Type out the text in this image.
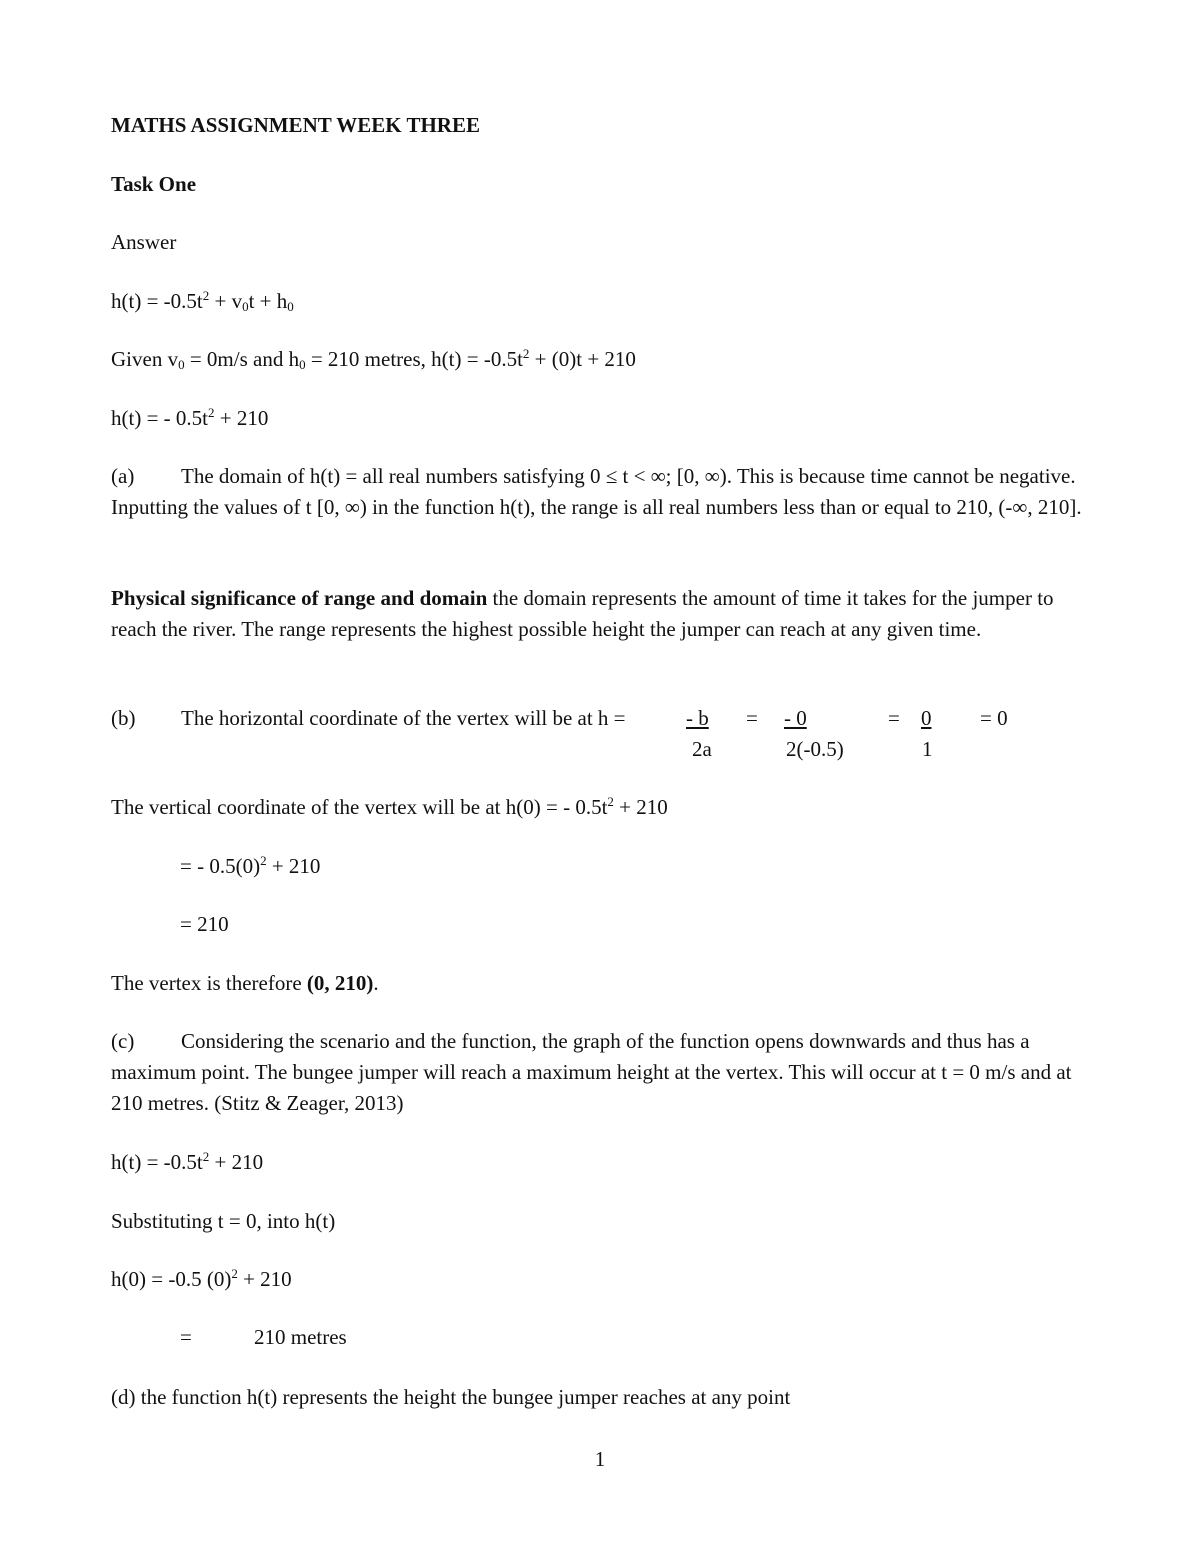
MATHS ASSIGNMENT WEEK THREE
Task One
Answer
$h(t) = -0.5t^2 + v_0t + h_0$
Given $v_0 = 0m/s$ and $h_0 = 210$ metres, $h(t) = -0.5t^2 + (0)t + 210$
h(t) = - $0.5t^2 + 210$
(a) The domain of h(t) = all real numbers satisfying 0 ≤ t < ∞; [0, ∞). This is because time cannot be negative. Inputting the values of t [0, ∞) in the function h(t), the range is all real numbers less than or equal to 210, (-∞, 210].
Physical significance of range and domain the domain represents the amount of time it takes for the jumper to reach the river. The range represents the highest possible height the jumper can reach at any given time.
(b) The horizontal coordinate of the vertex will be at h =	- b
2a
= - 0
2(-0.5)
= 0
1
= 0
The vertical coordinate of the vertex will be at h(0) = - $0.5t^2 + 210$
= - $0.5(0)^2 + 210$
= 210
The vertex is therefore (0, 210).
(c) Considering the scenario and the function, the graph of the function opens downwards and thus has a maximum point. The bungee jumper will reach a maximum height at the vertex. This will occur at t = 0 m/s and at 210 metres. (Stitz & Zeager, 2013)
$h(t) = -0.5t^2 + 210$
Substituting t = 0, into h(t)
h(0) = -0.5 $(0)^2 + 210$
=	210 metres
(d) the function h(t) represents the height the bungee jumper reaches at any point
1
